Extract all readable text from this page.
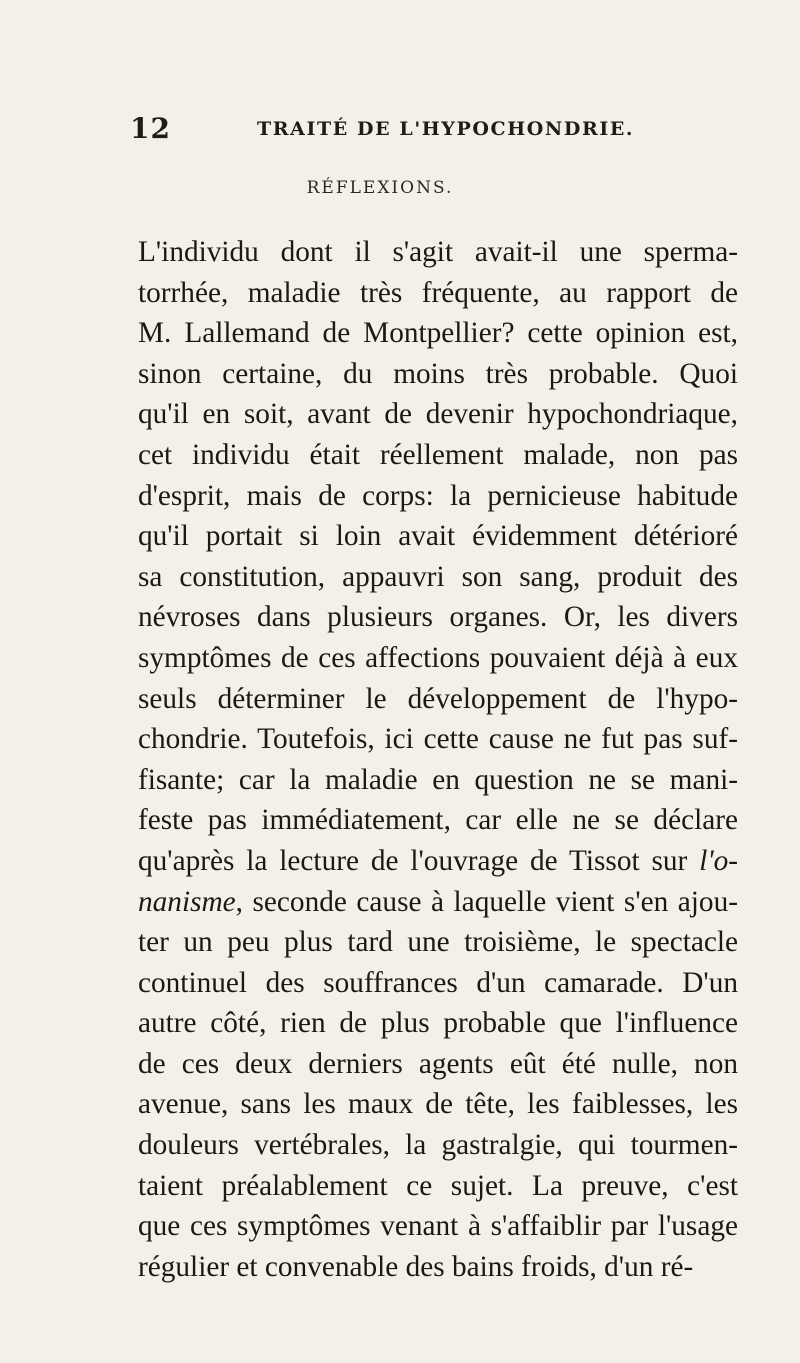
12	TRAITÉ DE L'HYPOCHONDRIE.
RÉFLEXIONS.
L'individu dont il s'agit avait-il une sperma-
torrhée, maladie très fréquente, au rapport de
M. Lallemand de Montpellier? cette opinion est,
sinon certaine, du moins très probable. Quoi
qu'il en soit, avant de devenir hypochondriaque,
cet individu était réellement malade, non pas
d'esprit, mais de corps: la pernicieuse habitude
qu'il portait si loin avait évidemment détérioré
sa constitution, appauvri son sang, produit des
névroses dans plusieurs organes. Or, les divers
symptômes de ces affections pouvaient déjà à eux
seuls déterminer le développement de l'hypo-
chondrie. Toutefois, ici cette cause ne fut pas suf-
fisante; car la maladie en question ne se mani-
feste pas immédiatement, car elle ne se déclare
qu'après la lecture de l'ouvrage de Tissot sur l'o-
nanisme, seconde cause à laquelle vient s'en ajou-
ter un peu plus tard une troisième, le spectacle
continuel des souffrances d'un camarade. D'un
autre côté, rien de plus probable que l'influence
de ces deux derniers agents eût été nulle, non
avenue, sans les maux de tête, les faiblesses, les
douleurs vertébrales, la gastralgie, qui tourmen-
taient préalablement ce sujet. La preuve, c'est
que ces symptômes venant à s'affaiblir par l'usage
régulier et convenable des bains froids, d'un ré-
